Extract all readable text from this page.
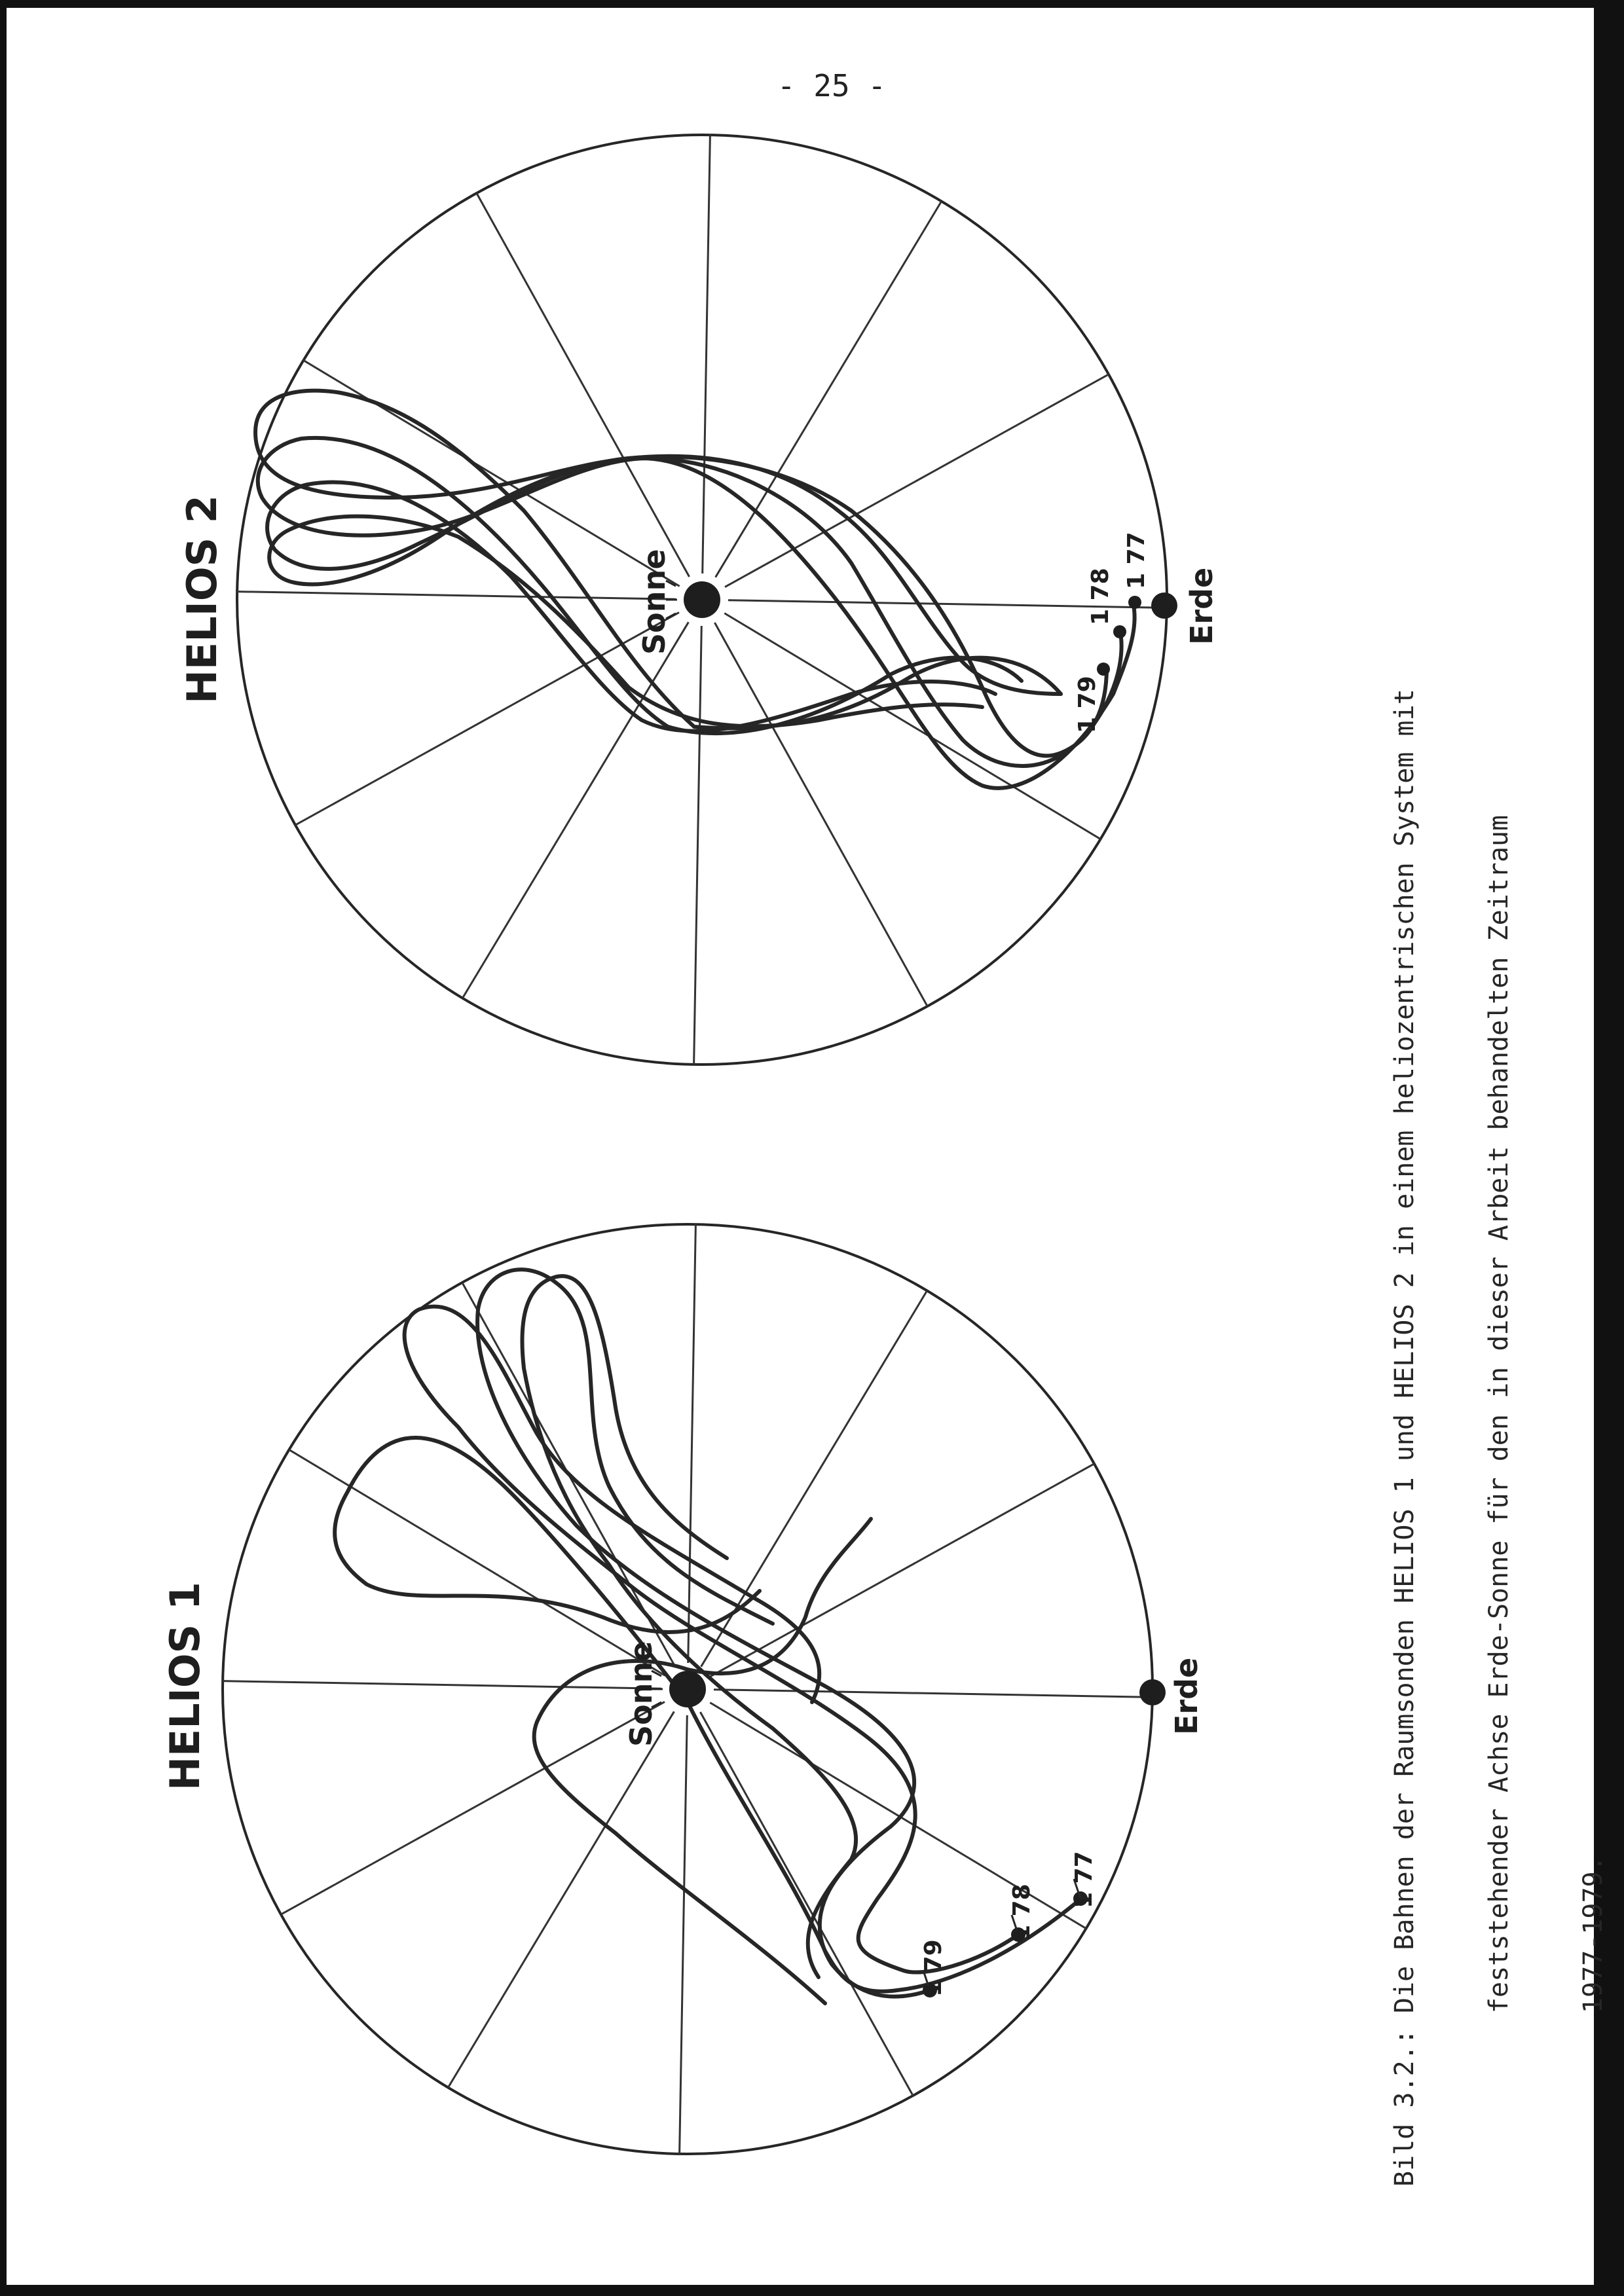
- 25 -
HELIOS 1	Sonne	Erde
1 77
1 78
1 79
HELIOS 2	Sonne	Erde
1 77
1 78
1 79

	Bild 3.2.: Die Bahnen der Raumsonden HELIOS 1 und HELIOS 2 in einem heliozentrischen System mit

feststehender Achse Erde-Sonne für den in dieser Arbeit behandelten Zeitraum

1977-1979.
